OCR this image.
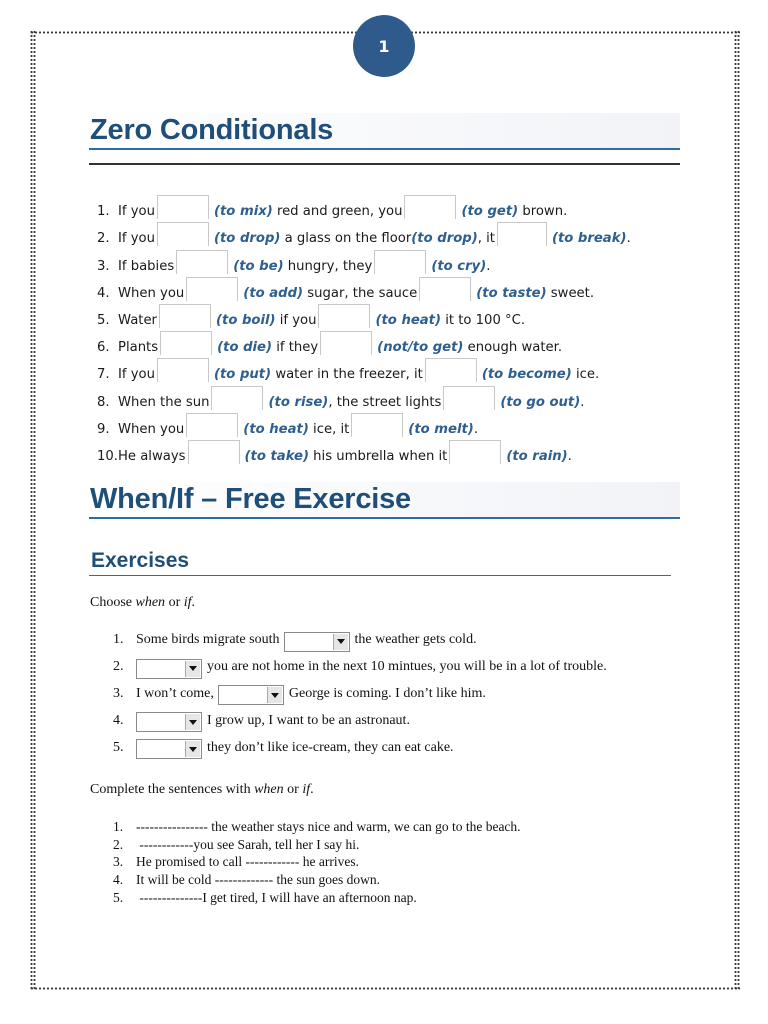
1
Zero Conditionals
1. If you	(to mix) red and green, you	(to get) brown.
2. If you	(to drop) a glass on the floor (to drop) , it	(to break) .
3. If babies	(to be) hungry, they	(to cry) .
4. When you	(to add) sugar, the sauce	(to taste) sweet.
5. Water	(to boil) if you	(to heat) it to 100 °C.
6. Plants	(to die) if they	(not/to get) enough water.
7. If you	(to put) water in the freezer, it	(to become) ice.
8. When the sun	(to rise) , the street lights	(to go out) .
9. When you	(to heat) ice, it	(to melt) .
10. He always	(to take) his umbrella when it	(to rain) .
When/If – Free Exercise
Exercises
Choose when or if.
1. Some birds migrate south	the weather gets cold.
2.	you are not home in the next 10 mintues, you will be in a lot of trouble.
3. I won’t come,	George is coming. I don’t like him.
4.	I grow up, I want to be an astronaut.
5.	they don’t like ice-cream, they can eat cake.
Complete the sentences with when or if.
1. ---------------- the weather stays nice and warm, we can go to the beach.
2. ------------you see Sarah, tell her I say hi.
3. He promised to call ------------ he arrives.
4. It will be cold ------------- the sun goes down.
5. --------------I get tired, I will have an afternoon nap.
